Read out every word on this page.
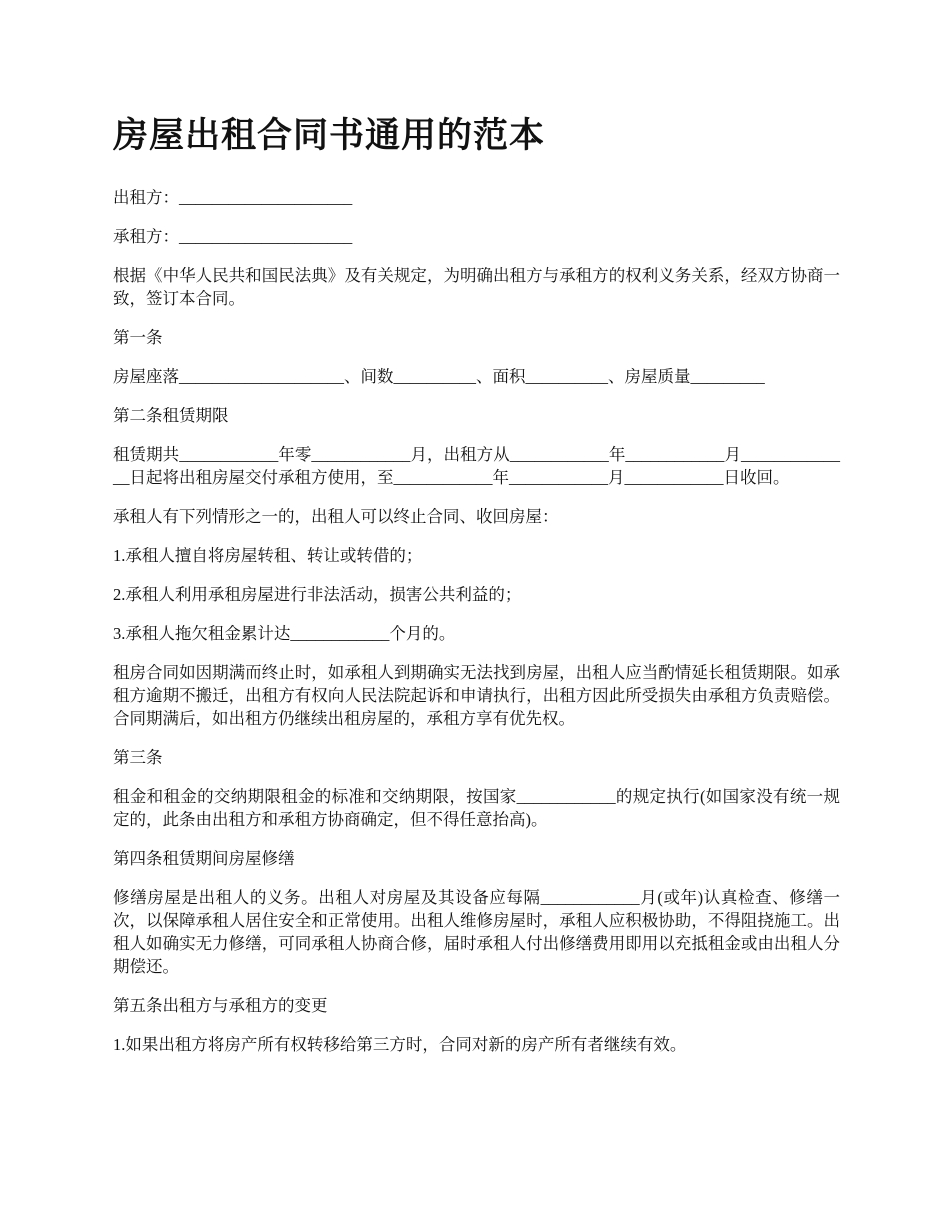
房屋出租合同书通用的范本

出租方：_____________________

承租方：_____________________

根据《中华人民共和国民法典》及有关规定，为明确出租方与承租方的权利义务关系，经双方协商一致，签订本合同。

第一条

房屋座落____________________、间数__________、面积__________、房屋质量_________

第二条租赁期限

租赁期共____________年零____________月，出租方从____________年____________月______________日起将出租房屋交付承租方使用，至____________年____________月____________日收回。

承租人有下列情形之一的，出租人可以终止合同、收回房屋：

1.承租人擅自将房屋转租、转让或转借的；

2.承租人利用承租房屋进行非法活动，损害公共利益的；

3.承租人拖欠租金累计达____________个月的。

租房合同如因期满而终止时，如承租人到期确实无法找到房屋，出租人应当酌情延长租赁期限。如承租方逾期不搬迁，出租方有权向人民法院起诉和申请执行，出租方因此所受损失由承租方负责赔偿。合同期满后，如出租方仍继续出租房屋的，承租方享有优先权。

第三条

租金和租金的交纳期限租金的标准和交纳期限，按国家____________的规定执行(如国家没有统一规定的，此条由出租方和承租方协商确定，但不得任意抬高)。

第四条租赁期间房屋修缮

修缮房屋是出租人的义务。出租人对房屋及其设备应每隔____________月(或年)认真检查、修缮一次，以保障承租人居住安全和正常使用。出租人维修房屋时，承租人应积极协助，不得阻挠施工。出租人如确实无力修缮，可同承租人协商合修，届时承租人付出修缮费用即用以充抵租金或由出租人分期偿还。

第五条出租方与承租方的变更

1.如果出租方将房产所有权转移给第三方时，合同对新的房产所有者继续有效。
